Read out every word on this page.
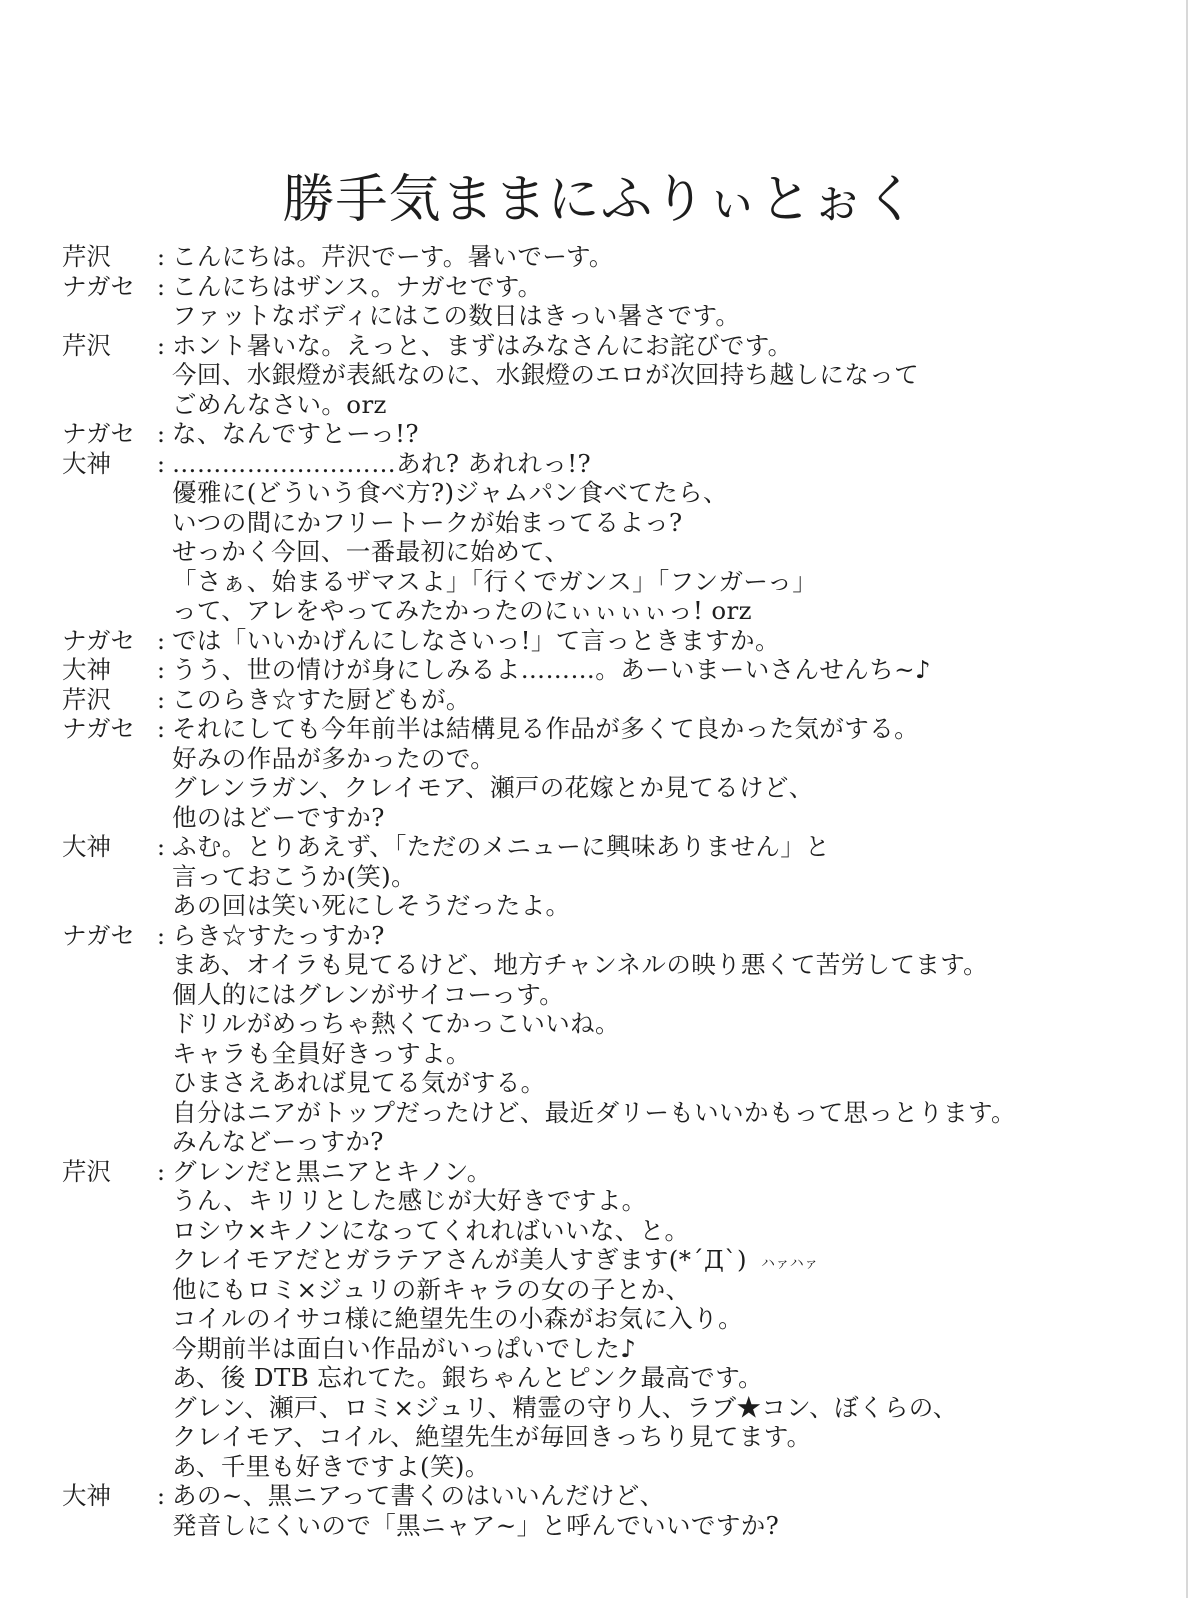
勝手気ままにふりぃとぉく
芹沢	: こんにちは。芹沢でーす。暑いでーす。
ナガセ : こんにちはザンス。ナガセです。
ファットなボディにはこの数日はきっい暑さです。
芹沢	: ホント暑いな。えっと、まずはみなさんにお詫びです。
今回、水銀燈が表紙なのに、水銀燈のエロが次回持ち越しになって
ごめんなさい。orz
ナガセ : な、なんですとーっ!?
大神	: ………………………あれ? あれれっ!?
優雅に(どういう食べ方?)ジャムパン食べてたら、
いつの間にかフリートークが始まってるよっ?
せっかく今回、一番最初に始めて、
「さぁ、始まるザマスよ」「行くでガンス」「フンガーっ」
って、アレをやってみたかったのにぃぃぃぃっ! orz
ナガセ : では「いいかげんにしなさいっ!」て言っときますか。
大神	: うう、世の情けが身にしみるよ………。あーいまーいさんせんち~♪
芹沢	: このらき☆すた厨どもが。
ナガセ : それにしても今年前半は結構見る作品が多くて良かった気がする。
好みの作品が多かったので。
グレンラガン、クレイモア、瀬戸の花嫁とか見てるけど、
他のはどーですか?
大神	: ふむ。とりあえず、「ただのメニューに興味ありません」と
言っておこうか(笑)。
あの回は笑い死にしそうだったよ。
ナガセ : らき☆すたっすか?
まあ、オイラも見てるけど、地方チャンネルの映り悪くて苦労してます。
個人的にはグレンがサイコーっす。
ドリルがめっちゃ熱くてかっこいいね。
キャラも全員好きっすよ。
ひまさえあれば見てる気がする。
自分はニアがトップだったけど、最近ダリーもいいかもって思っとります。
みんなどーっすか?
芹沢	: グレンだと黒ニアとキノン。
うん、キリリとした感じが大好きですよ。
ロシウ×キノンになってくれればいいな、と。
クレイモアだとガラテアさんが美人すぎます(*´Д`) ハァハァ
他にもロミ×ジュリの新キャラの女の子とか、
コイルのイサコ様に絶望先生の小森がお気に入り。
今期前半は面白い作品がいっぱいでした♪
あ、後 DTB 忘れてた。銀ちゃんとピンク最高です。
グレン、瀬戸、ロミ×ジュリ、精霊の守り人、ラブ★コン、ぼくらの、
クレイモア、コイル、絶望先生が毎回きっちり見てます。
あ、千里も好きですよ(笑)。
大神	: あの~、黒ニアって書くのはいいんだけど、
発音しにくいので「黒ニャア~」と呼んでいいですか?
